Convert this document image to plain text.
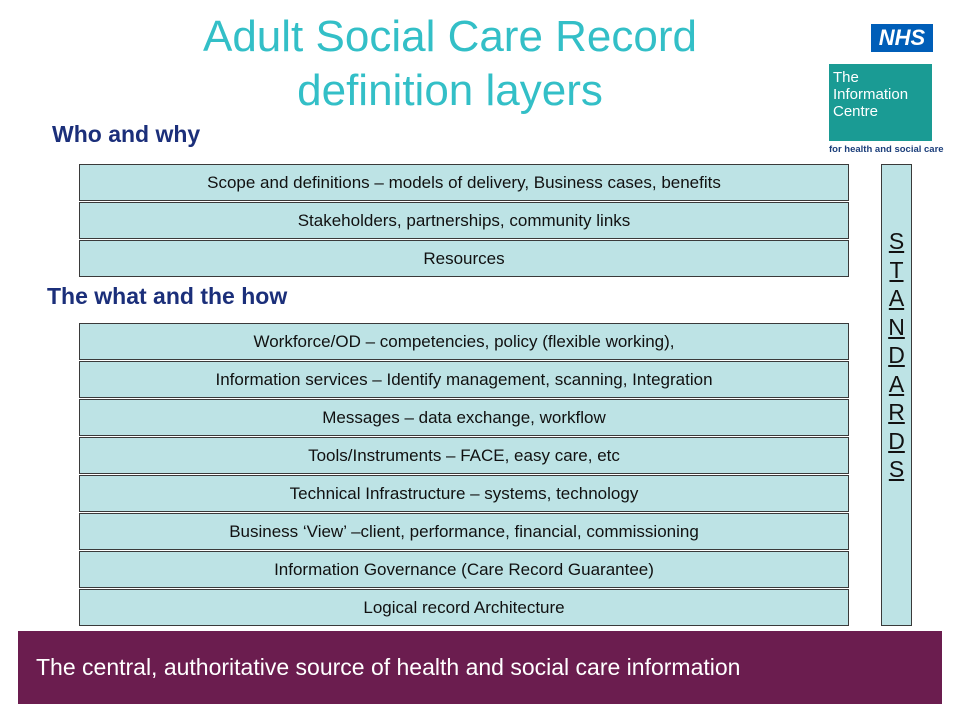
Adult Social Care Record
definition layers
NHS
The
Information
Centre
for health and social care
Who and why
Scope and definitions – models of delivery, Business cases, benefits
Stakeholders, partnerships, community links
Resources
The what and the how
Workforce/OD – competencies, policy (flexible working),
Information services – Identify management, scanning, Integration
Messages – data exchange, workflow
Tools/Instruments – FACE, easy care, etc
Technical Infrastructure – systems, technology
Business ‘View’ –client, performance, financial, commissioning
Information Governance (Care Record Guarantee)
Logical record Architecture
S
T
A
N
D
A
R
D
S
The central, authoritative source of health and social care information
